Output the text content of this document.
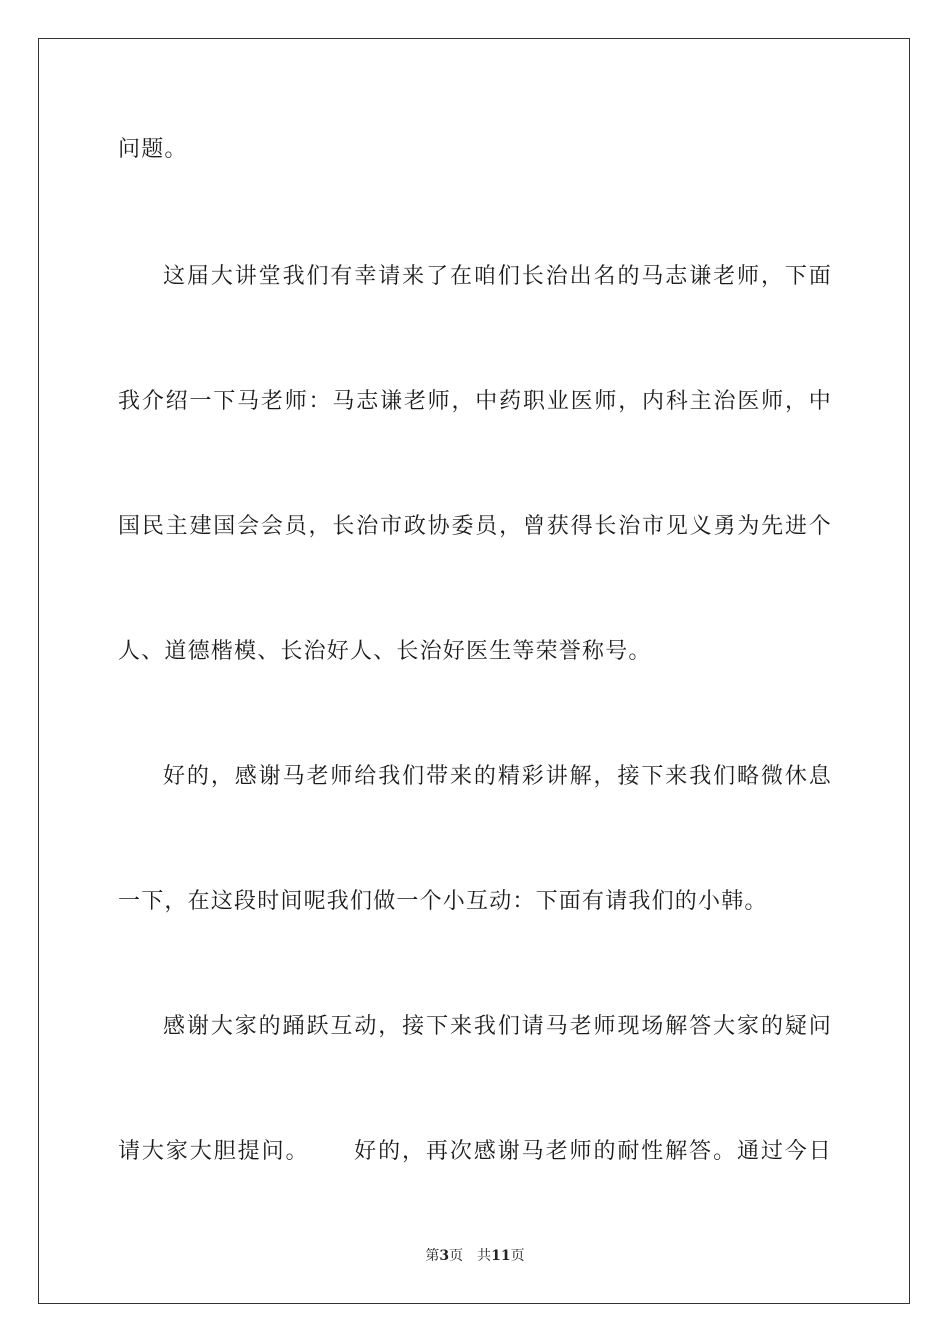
问题。
这届大讲堂我们有幸请来了在咱们长治出名的马志谦老师，下面
我介绍一下马老师：马志谦老师，中药职业医师，内科主治医师，中
国民主建国会会员，长治市政协委员，曾获得长治市见义勇为先进个
人、道德楷模、长治好人、长治好医生等荣誉称号。
好的，感谢马老师给我们带来的精彩讲解，接下来我们略微休息
一下，在这段时间呢我们做一个小互动：下面有请我们的小韩。
感谢大家的踊跃互动，接下来我们请马老师现场解答大家的疑问
请大家大胆提问。 好的，再次感谢马老师的耐性解答。通过今日
第3页 共11页
